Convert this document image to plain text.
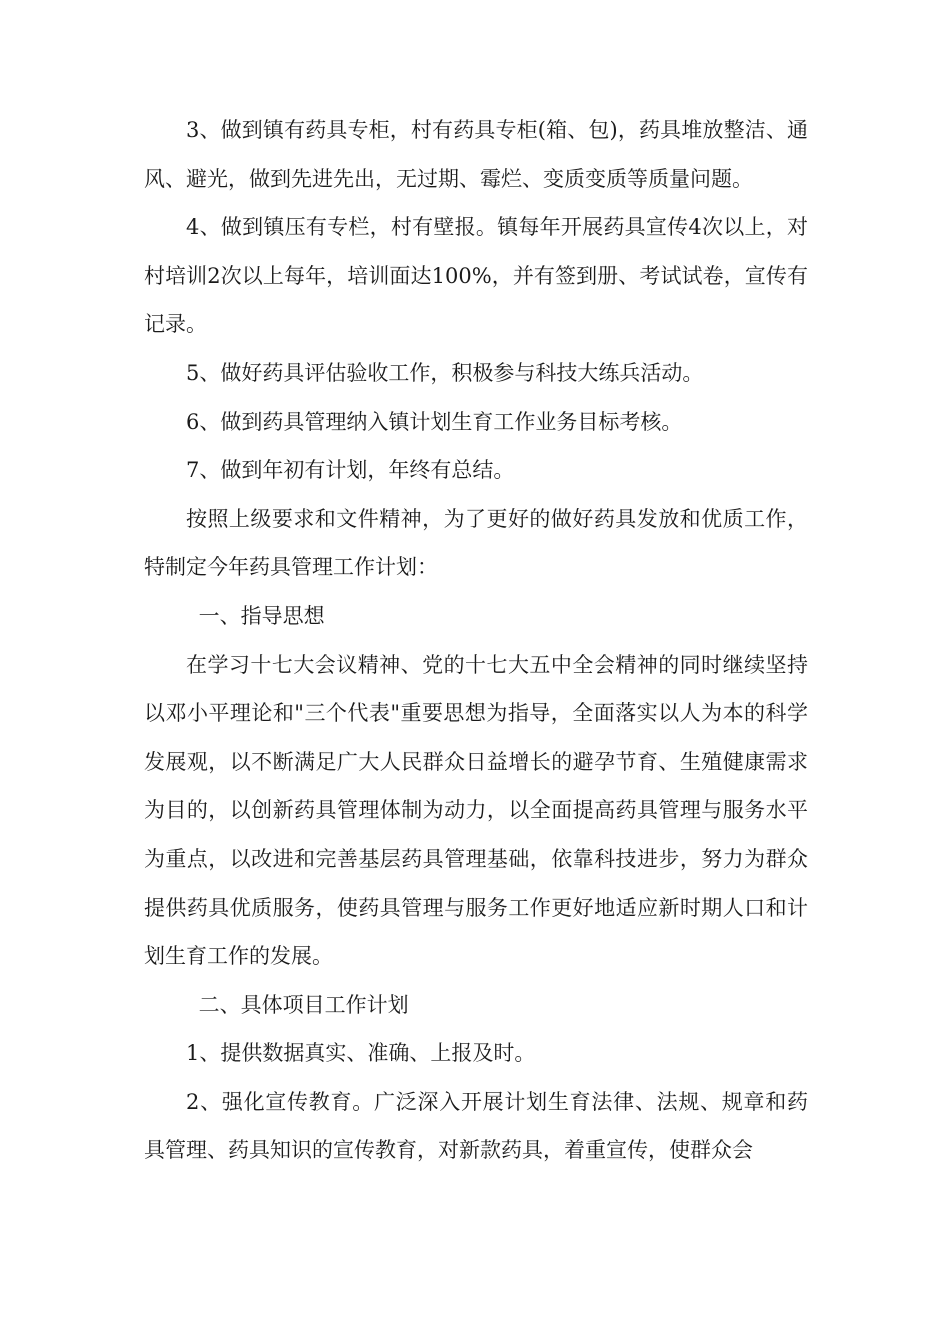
3、做到镇有药具专柜，村有药具专柜(箱、包)，药具堆放整洁、通风、避光，做到先进先出，无过期、霉烂、变质变质等质量问题。

4、做到镇压有专栏，村有壁报。镇每年开展药具宣传4次以上，对村培训2次以上每年，培训面达100%，并有签到册、考试试卷，宣传有记录。

5、做好药具评估验收工作，积极参与科技大练兵活动。

6、做到药具管理纳入镇计划生育工作业务目标考核。

7、做到年初有计划，年终有总结。

按照上级要求和文件精神，为了更好的做好药具发放和优质工作，特制定今年药具管理工作计划：

一、指导思想

在学习十七大会议精神、党的十七大五中全会精神的同时继续坚持以邓小平理论和"三个代表"重要思想为指导，全面落实以人为本的科学发展观，以不断满足广大人民群众日益增长的避孕节育、生殖健康需求为目的，以创新药具管理体制为动力，以全面提高药具管理与服务水平为重点，以改进和完善基层药具管理基础，依靠科技进步，努力为群众提供药具优质服务，使药具管理与服务工作更好地适应新时期人口和计划生育工作的发展。

二、具体项目工作计划

1、提供数据真实、准确、上报及时。

2、强化宣传教育。广泛深入开展计划生育法律、法规、规章和药具管理、药具知识的宣传教育，对新款药具，着重宣传，使群众会
